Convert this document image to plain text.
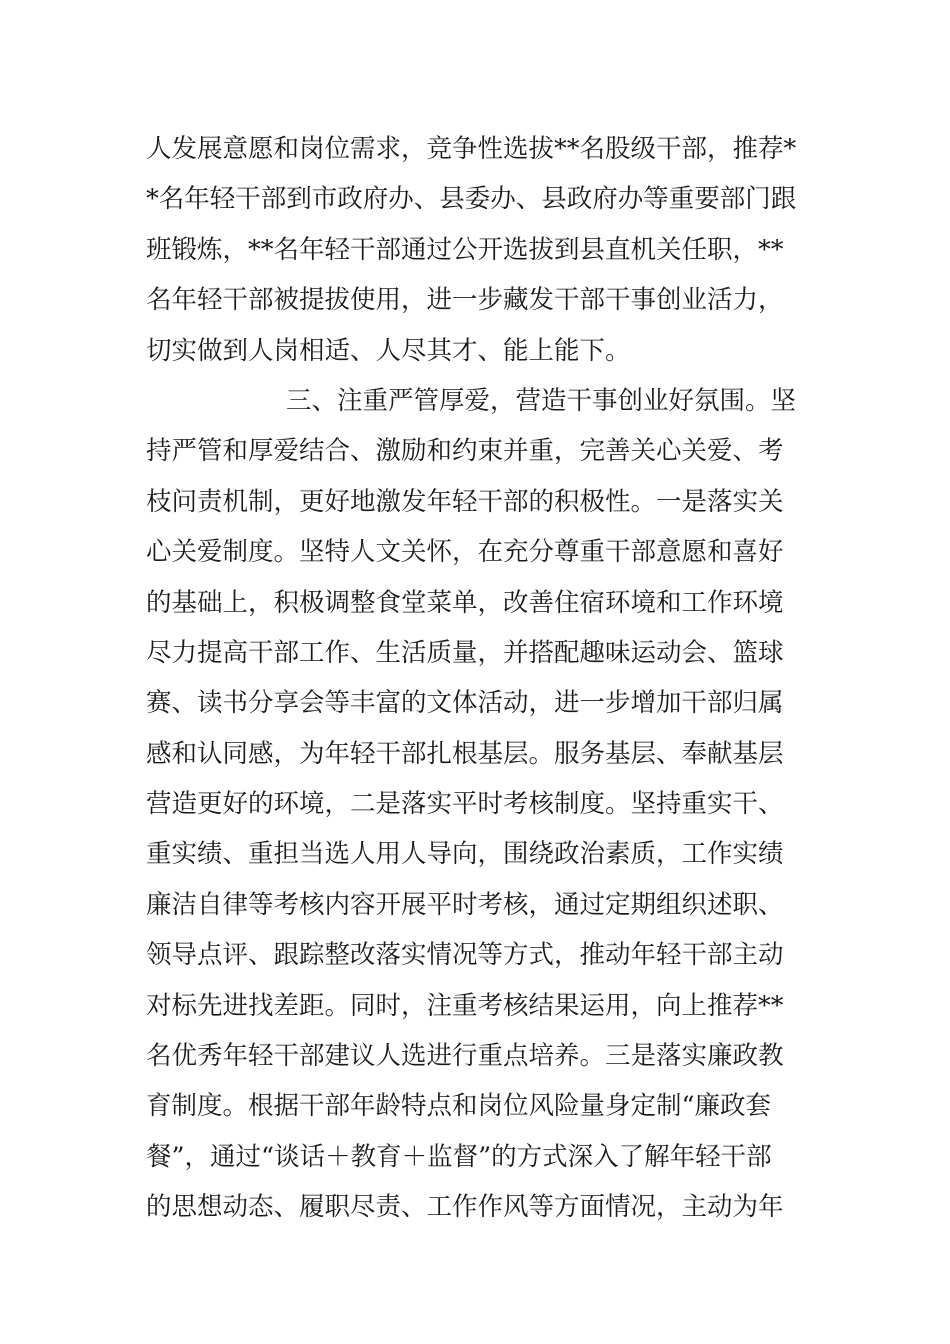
人发展意愿和岗位需求，竞争性选拔**名股级干部，推荐*
*名年轻干部到市政府办、县委办、县政府办等重要部门跟
班锻炼，**名年轻干部通过公开选拔到县直机关任职，**
名年轻干部被提拔使用，进一步藏发干部干事创业活力，
切实做到人岗相适、人尽其才、能上能下。
三、注重严管厚爱，营造干事创业好氛围。坚
持严管和厚爱结合、激励和约束并重，完善关心关爱、考
枝问责机制，更好地激发年轻干部的积极性。一是落实关
心关爱制度。坚特人文关怀，在充分尊重干部意愿和喜好
的基础上，积极调整食堂菜单，改善住宿环境和工作环境
尽力提高干部工作、生活质量，并搭配趣味运动会、篮球
赛、读书分享会等丰富的文体活动，进一步增加干部归属
感和认同感，为年轻干部扎根基层。服务基层、奉献基层
营造更好的环境，二是落实平时考核制度。坚持重实干、
重实绩、重担当选人用人导向，围绕政治素质，工作实绩
廉洁自律等考核内容开展平时考核，通过定期组织述职、
领导点评、跟踪整改落实情况等方式，推动年轻干部主动
对标先进找差距。同时，注重考核结果运用，向上推荐**
名优秀年轻干部建议人选进行重点培养。三是落实廉政教
育制度。根据干部年龄特点和岗位风险量身定制“廉政套
餐”，通过“谈话＋教育＋监督”的方式深入了解年轻干部
的思想动态、履职尽责、工作作风等方面情况，主动为年
